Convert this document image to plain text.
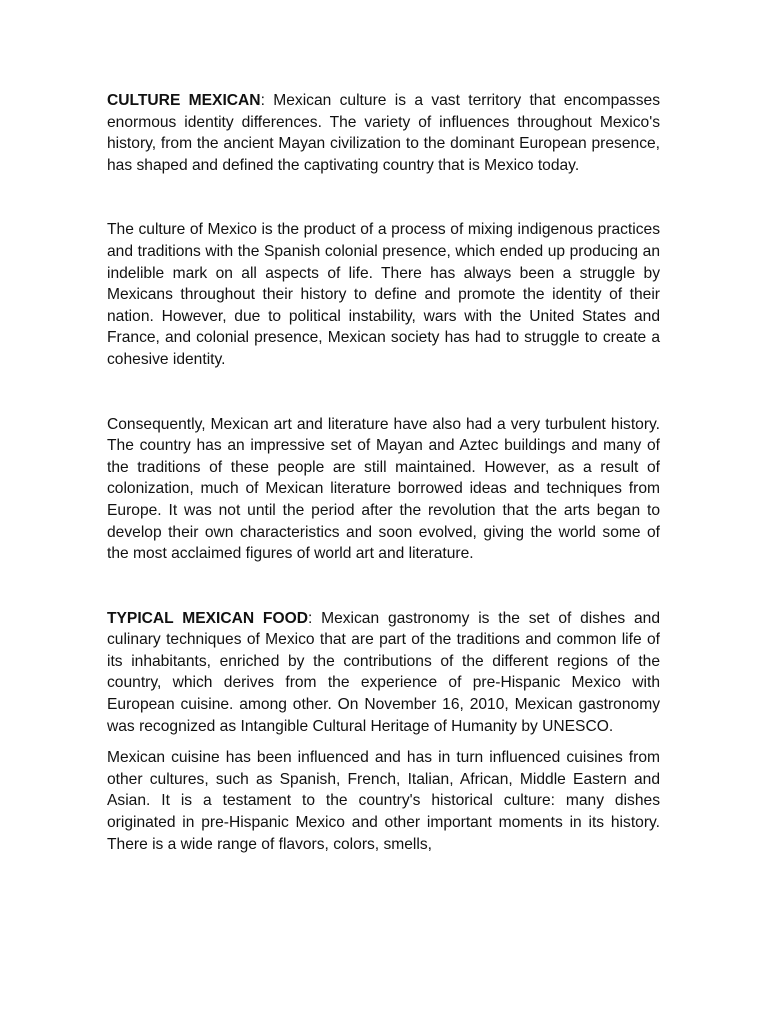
CULTURE MEXICAN: Mexican culture is a vast territory that encompasses enormous identity differences. The variety of influences throughout Mexico's history, from the ancient Mayan civilization to the dominant European presence, has shaped and defined the captivating country that is Mexico today.

The culture of Mexico is the product of a process of mixing indigenous practices and traditions with the Spanish colonial presence, which ended up producing an indelible mark on all aspects of life. There has always been a struggle by Mexicans throughout their history to define and promote the identity of their nation. However, due to political instability, wars with the United States and France, and colonial presence, Mexican society has had to struggle to create a cohesive identity.

Consequently, Mexican art and literature have also had a very turbulent history. The country has an impressive set of Mayan and Aztec buildings and many of the traditions of these people are still maintained. However, as a result of colonization, much of Mexican literature borrowed ideas and techniques from Europe. It was not until the period after the revolution that the arts began to develop their own characteristics and soon evolved, giving the world some of the most acclaimed figures of world art and literature.

TYPICAL MEXICAN FOOD: Mexican gastronomy is the set of dishes and culinary techniques of Mexico that are part of the traditions and common life of its inhabitants, enriched by the contributions of the different regions of the country, which derives from the experience of pre-Hispanic Mexico with European cuisine. among other. On November 16, 2010, Mexican gastronomy was recognized as Intangible Cultural Heritage of Humanity by UNESCO.

Mexican cuisine has been influenced and has in turn influenced cuisines from other cultures, such as Spanish, French, Italian, African, Middle Eastern and Asian. It is a testament to the country's historical culture: many dishes originated in pre-Hispanic Mexico and other important moments in its history. There is a wide range of flavors, colors, smells,
